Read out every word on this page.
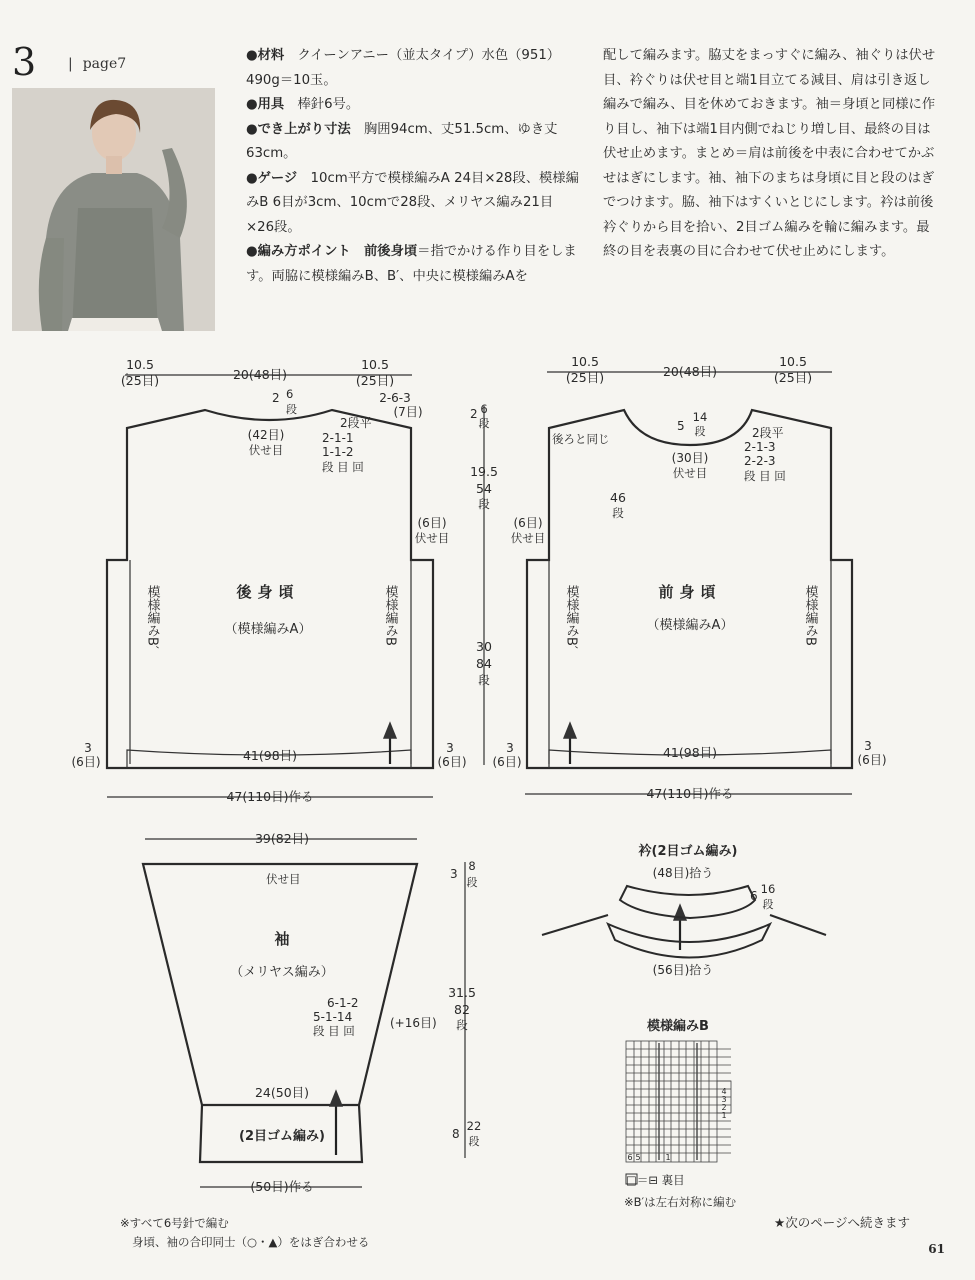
3 | page7

●材料　クイーンアニー（並太タイプ）水色（951）490g＝10玉。

●用具　棒針6号。

●でき上がり寸法　胸囲94cm、丈51.5cm、ゆき丈63cm。

●ゲージ　10cm平方で模様編みA 24目×28段、模様編みB 6目が3cm、10cmで28段、メリヤス編み21目×26段。

●編み方ポイント　前後身頃＝指でかける作り目をします。両脇に模様編みB、B′、中央に模様編みAを

配して編みます。脇丈をまっすぐに編み、袖ぐりは伏せ目、衿ぐりは伏せ目と端1目立てる減目、肩は引き返し編みで編み、目を休めておきます。袖＝身頃と同様に作り目し、袖下は端1目内側でねじり増し目、最終の目は伏せ止めます。まとめ＝肩は前後を中表に合わせてかぶせはぎにします。袖、袖下のまちは身頃に目と段のはぎでつけます。脇、袖下はすくいとじにします。衿は前後衿ぐりから目を拾い、2目ゴム編みを輪に編みます。最終の目を表裏の目に合わせて伏せ止めにします。

10.5
(25目)	20(48目)
10.5
(25目)
2 6
段
(42目)
伏せ目
2-6-3
(7目)
2段平
2-1-1
1-1-2
段 目 回
(6目)
伏せ目
後身頃
（模様編みA）
模様編みB′	模様編みB
41(98目)
3
(6目)
3
(6目)
47(110目)作る
2 6
段
19.5
54
段
30
84
段
10.5
(25目)	20(48目)
10.5
(25目)
後ろと同じ
5
14
段
(30目)
伏せ目
2段平
2-1-3
2-2-3
段 目 回
46
段
(6目)
伏せ目
前身頃
（模様編みA）
模様編みB′	模様編みB
41(98目)
3
(6目)
3
(6目)
47(110目)作る
39(82目)
伏せ目	3
8
段
袖
（メリヤス編み）
6-1-2
5-1-14
段 目 回
(+16目)
31.5
82
段
24(50目)
(2目ゴム編み)	8
22
段
(50目)作る
衿(2目ゴム編み)
(48目)拾う
(56目)拾う
6 16
段
模様編みB
4
3
2
1
6 5	1
□＝⊟ 裏目
※B′は左右対称に編む
※すべて6号針で編む
身頃、袖の合印同士（○・▲）をはぎ合わせる
★次のページへ続きます
61
